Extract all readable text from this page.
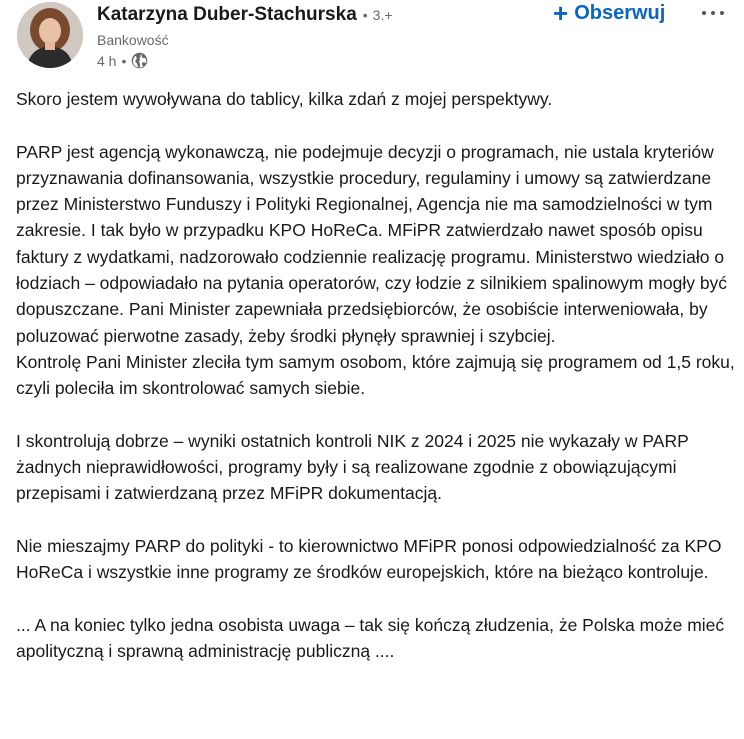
Katarzyna Duber-Stachurska • 3.+
Bankowość
4 h •
+ Obserwuj

Skoro jestem wywoływana do tablicy, kilka zdań z mojej perspektywy.

PARP jest agencją wykonawczą, nie podejmuje decyzji o programach, nie ustala kryteriów przyznawania dofinansowania, wszystkie procedury, regulaminy i umowy są zatwierdzane przez Ministerstwo Funduszy i Polityki Regionalnej, Agencja nie ma samodzielności w tym zakresie. I tak było w przypadku KPO HoReCa. MFiPR zatwierdzało nawet sposób opisu faktury z wydatkami, nadzorowało codziennie realizację programu. Ministerstwo wiedziało o łodziach – odpowiadało na pytania operatorów, czy łodzie z silnikiem spalinowym mogły być dopuszczane. Pani Minister zapewniała przedsiębiorców, że osobiście interweniowała, by poluzować pierwotne zasady, żeby środki płynęły sprawniej i szybciej.

Kontrolę Pani Minister zleciła tym samym osobom, które zajmują się programem od 1,5 roku, czyli poleciła im skontrolować samych siebie.

I skontrolują dobrze – wyniki ostatnich kontroli NIK z 2024 i 2025 nie wykazały w PARP żadnych nieprawidłowości, programy były i są realizowane zgodnie z obowiązującymi przepisami i zatwierdzaną przez MFiPR dokumentacją.

Nie mieszajmy PARP do polityki - to kierownictwo MFiPR ponosi odpowiedzialność za KPO HoReCa i wszystkie inne programy ze środków europejskich, które na bieżąco kontroluje.

... A na koniec tylko jedna osobista uwaga – tak się kończą złudzenia, że Polska może mieć apolityczną i sprawną administrację publiczną ....
